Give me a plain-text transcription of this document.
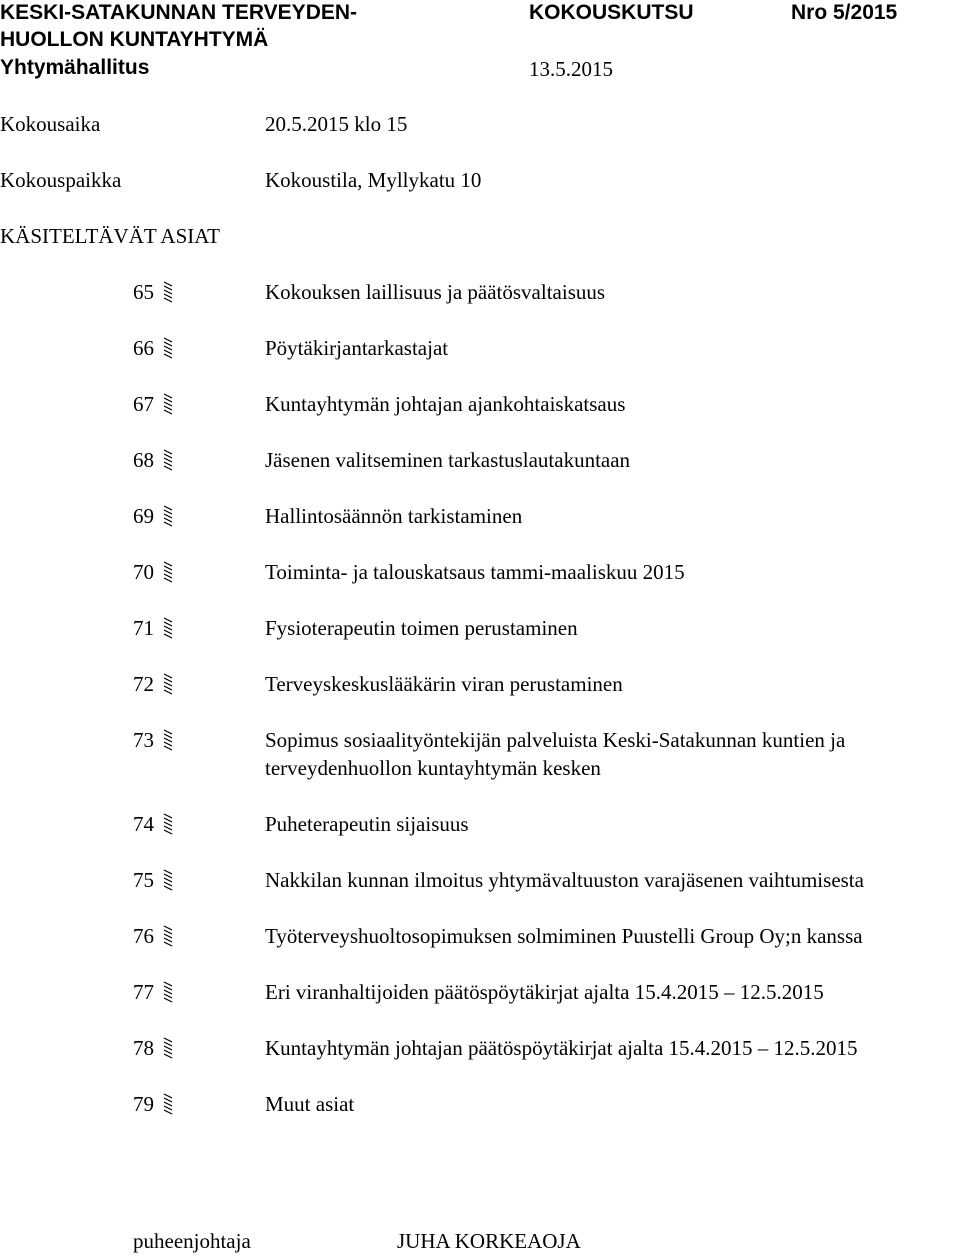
KESKI-SATAKUNNAN TERVEYDEN-
HUOLLON KUNTAYHTYMÄ
Yhtymähallitus
KOKOUSKUTSU	Nro 5/2015
13.5.2015
Kokousaika	20.5.2015 klo 15
Kokouspaikka	Kokoustila, Myllykatu 10
KÄSITELTÄVÄT ASIAT
65	Kokouksen laillisuus ja päätösvaltaisuus
66	Pöytäkirjantarkastajat
67	Kuntayhtymän johtajan ajankohtaiskatsaus
68	Jäsenen valitseminen tarkastuslautakuntaan
69	Hallintosäännön tarkistaminen
70	Toiminta- ja talouskatsaus tammi-maaliskuu 2015
71	Fysioterapeutin toimen perustaminen
72	Terveyskeskuslääkärin viran perustaminen
73	Sopimus sosiaalityöntekijän palveluista Keski-Satakunnan kuntien ja
terveydenhuollon kuntayhtymän kesken
74	Puheterapeutin sijaisuus
75	Nakkilan kunnan ilmoitus yhtymävaltuuston varajäsenen vaihtumisesta
76	Työterveyshuoltosopimuksen solmiminen Puustelli Group Oy;n kanssa
77	Eri viranhaltijoiden päätöspöytäkirjat ajalta 15.4.2015 – 12.5.2015
78	Kuntayhtymän johtajan päätöspöytäkirjat ajalta 15.4.2015 – 12.5.2015
79	Muut asiat
puheenjohtaja	JUHA KORKEAOJA
